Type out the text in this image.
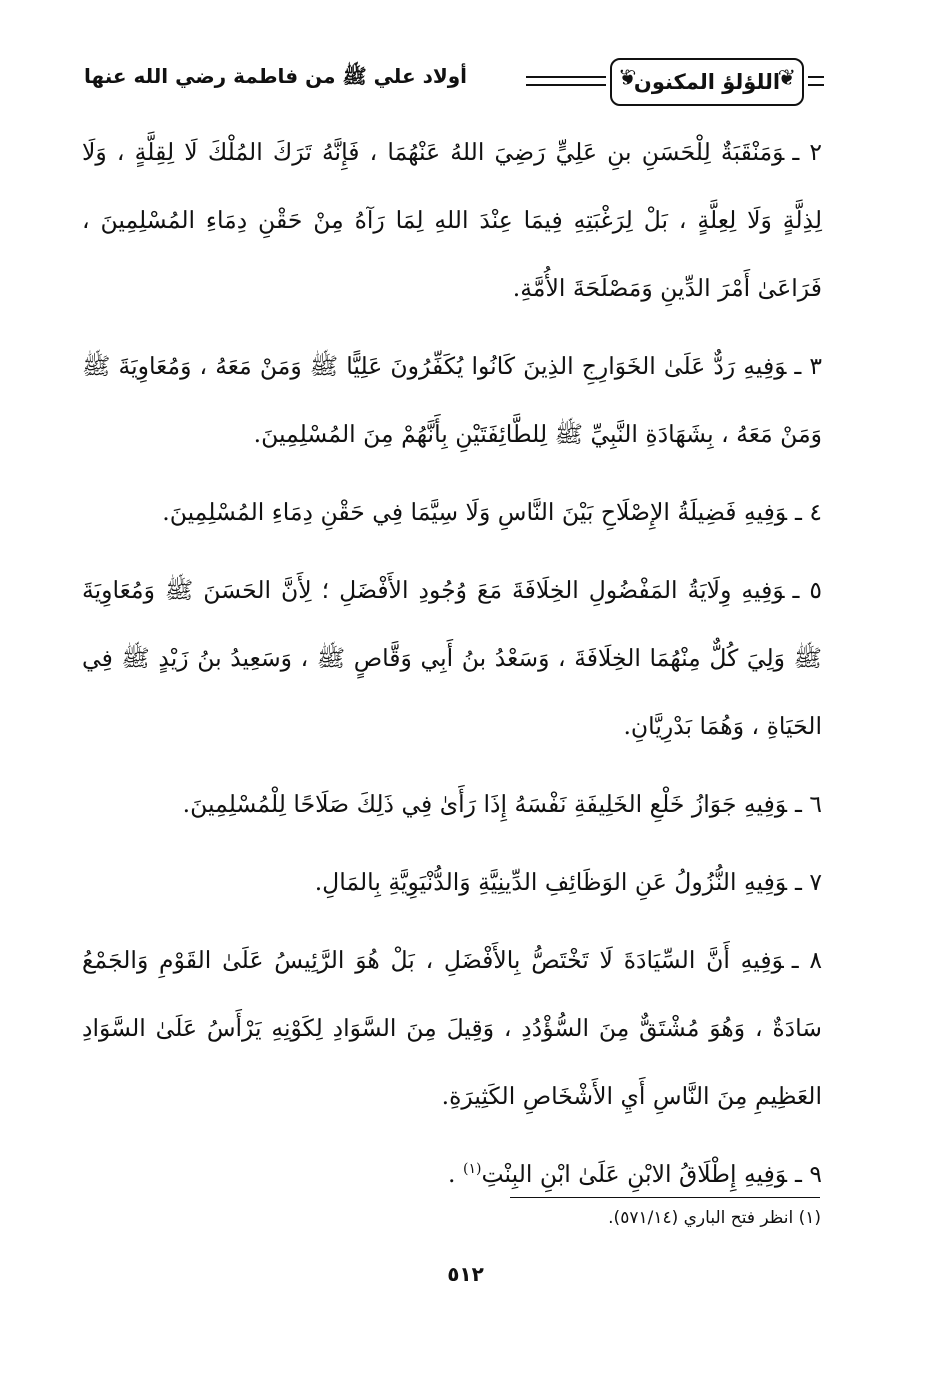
❦ اللؤلؤ المكنون
❦
أولاد علي ﷺ من فاطمة رضي الله عنها

٢ ـوَمَنْقَبَةٌ لِلْحَسَنِ بنِ عَلِيٍّ رَضِيَ اللهُ عَنْهُمَا ، فَإِنَّهُ تَرَكَ المُلْكَ لَا لِقِلَّةٍ ، وَلَا لِذِلَّةٍ وَلَا لِعِلَّةٍ ، بَلْ لِرَغْبَتِهِ فِيمَا عِنْدَ اللهِ لِمَا رَآهُ مِنْ حَقْنِ دِمَاءِ المُسْلِمِينَ ، فَرَاعَىٰ أَمْرَ الدِّينِ وَمَصْلَحَةَ الأُمَّةِ.

٣ ـوَفِيهِ رَدٌّ عَلَىٰ الخَوَارِجِ الذِينَ كَانُوا يُكَفِّرُونَ عَلِيًّا ﷺ وَمَنْ مَعَهُ ، وَمُعَاوِيَةَ ﷺ وَمَنْ مَعَهُ ، بِشَهَادَةِ النَّبِيِّ ﷺ لِلطَّائِفَتَيْنِ بِأَنَّهُمْ مِنَ المُسْلِمِينَ.

٤ ـوَفِيهِ فَضِيلَةُ الإِصْلَاحِ بَيْنَ النَّاسِ وَلَا سِيَّمَا فِي حَقْنِ دِمَاءِ المُسْلِمِينَ.

٥ ـوَفِيهِ وِلَايَةُ المَفْضُولِ الخِلَافَةَ مَعَ وُجُودِ الأَفْضَلِ ؛ لِأَنَّ الحَسَنَ ﷺ وَمُعَاوِيَةَ ﷺ وَلِيَ كُلٌّ مِنْهُمَا الخِلَافَةَ ، وَسَعْدُ بنُ أَبِي وَقَّاصٍ ﷺ ، وَسَعِيدُ بنُ زَيْدٍ ﷺ فِي الحَيَاةِ ، وَهُمَا بَدْرِيَّانِ.

٦ ـوَفِيهِ جَوَازُ خَلْعِ الخَلِيفَةِ نَفْسَهُ إِذَا رَأَىٰ فِي ذَلِكَ صَلَاحًا لِلْمُسْلِمِينَ.

٧ ـوَفِيهِ النُّزُولُ عَنِ الوَظَائِفِ الدِّينِيَّةِ وَالدُّنْيَوِيَّةِ بِالمَالِ.

٨ ـوَفِيهِ أَنَّ السِّيَادَةَ لَا تَخْتَصُّ بِالأَفْضَلِ ، بَلْ هُوَ الرَّئِيسُ عَلَىٰ القَوْمِ وَالجَمْعُ سَادَةٌ ، وَهُوَ مُشْتَقٌّ مِنَ السُّؤْدُدِ ، وَقِيلَ مِنَ السَّوَادِ لِكَوْنِهِ يَرْأَسُ عَلَىٰ السَّوَادِ العَظِيمِ مِنَ النَّاسِ أَيِ الأَشْخَاصِ الكَثِيرَةِ.

٩ ـوَفِيهِ إِطْلَاقُ الابْنِ عَلَىٰ ابْنِ البِنْتِ$^{(١)}$ .

(١) انظر فتح الباري (٥٧١/١٤).
٥١٢
